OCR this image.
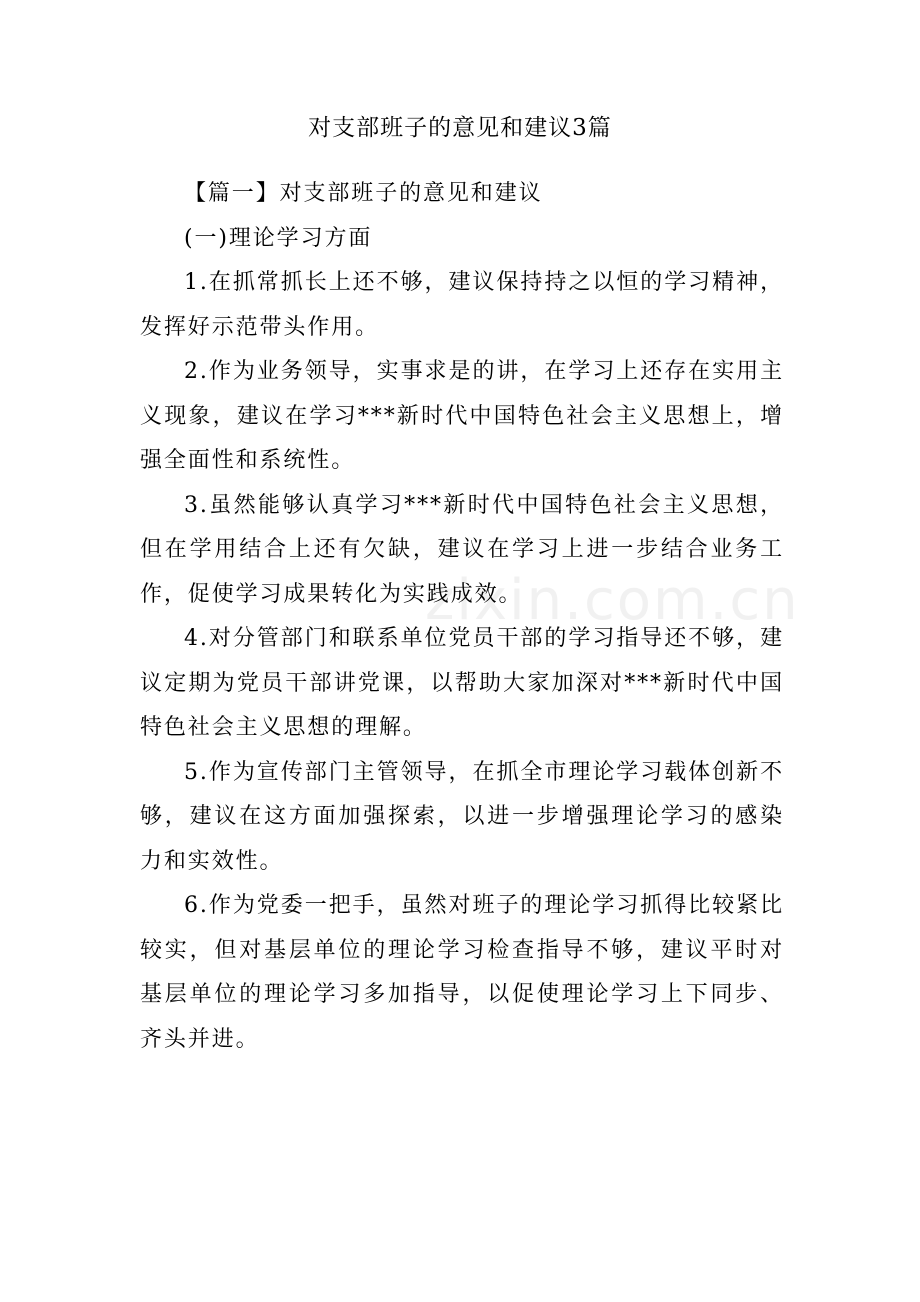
zixin.com.cn
对支部班子的意见和建议3篇

【篇一】对支部班子的意见和建议

(一)理论学习方面

1.在抓常抓长上还不够，建议保持持之以恒的学习精神，发挥好示范带头作用。

2.作为业务领导，实事求是的讲，在学习上还存在实用主义现象，建议在学习***新时代中国特色社会主义思想上，增强全面性和系统性。

3.虽然能够认真学习***新时代中国特色社会主义思想，但在学用结合上还有欠缺，建议在学习上进一步结合业务工作，促使学习成果转化为实践成效。

4.对分管部门和联系单位党员干部的学习指导还不够，建议定期为党员干部讲党课，以帮助大家加深对***新时代中国特色社会主义思想的理解。

5.作为宣传部门主管领导，在抓全市理论学习载体创新不够，建议在这方面加强探索，以进一步增强理论学习的感染力和实效性。

6.作为党委一把手，虽然对班子的理论学习抓得比较紧比较实，但对基层单位的理论学习检查指导不够，建议平时对基层单位的理论学习多加指导，以促使理论学习上下同步、齐头并进。
